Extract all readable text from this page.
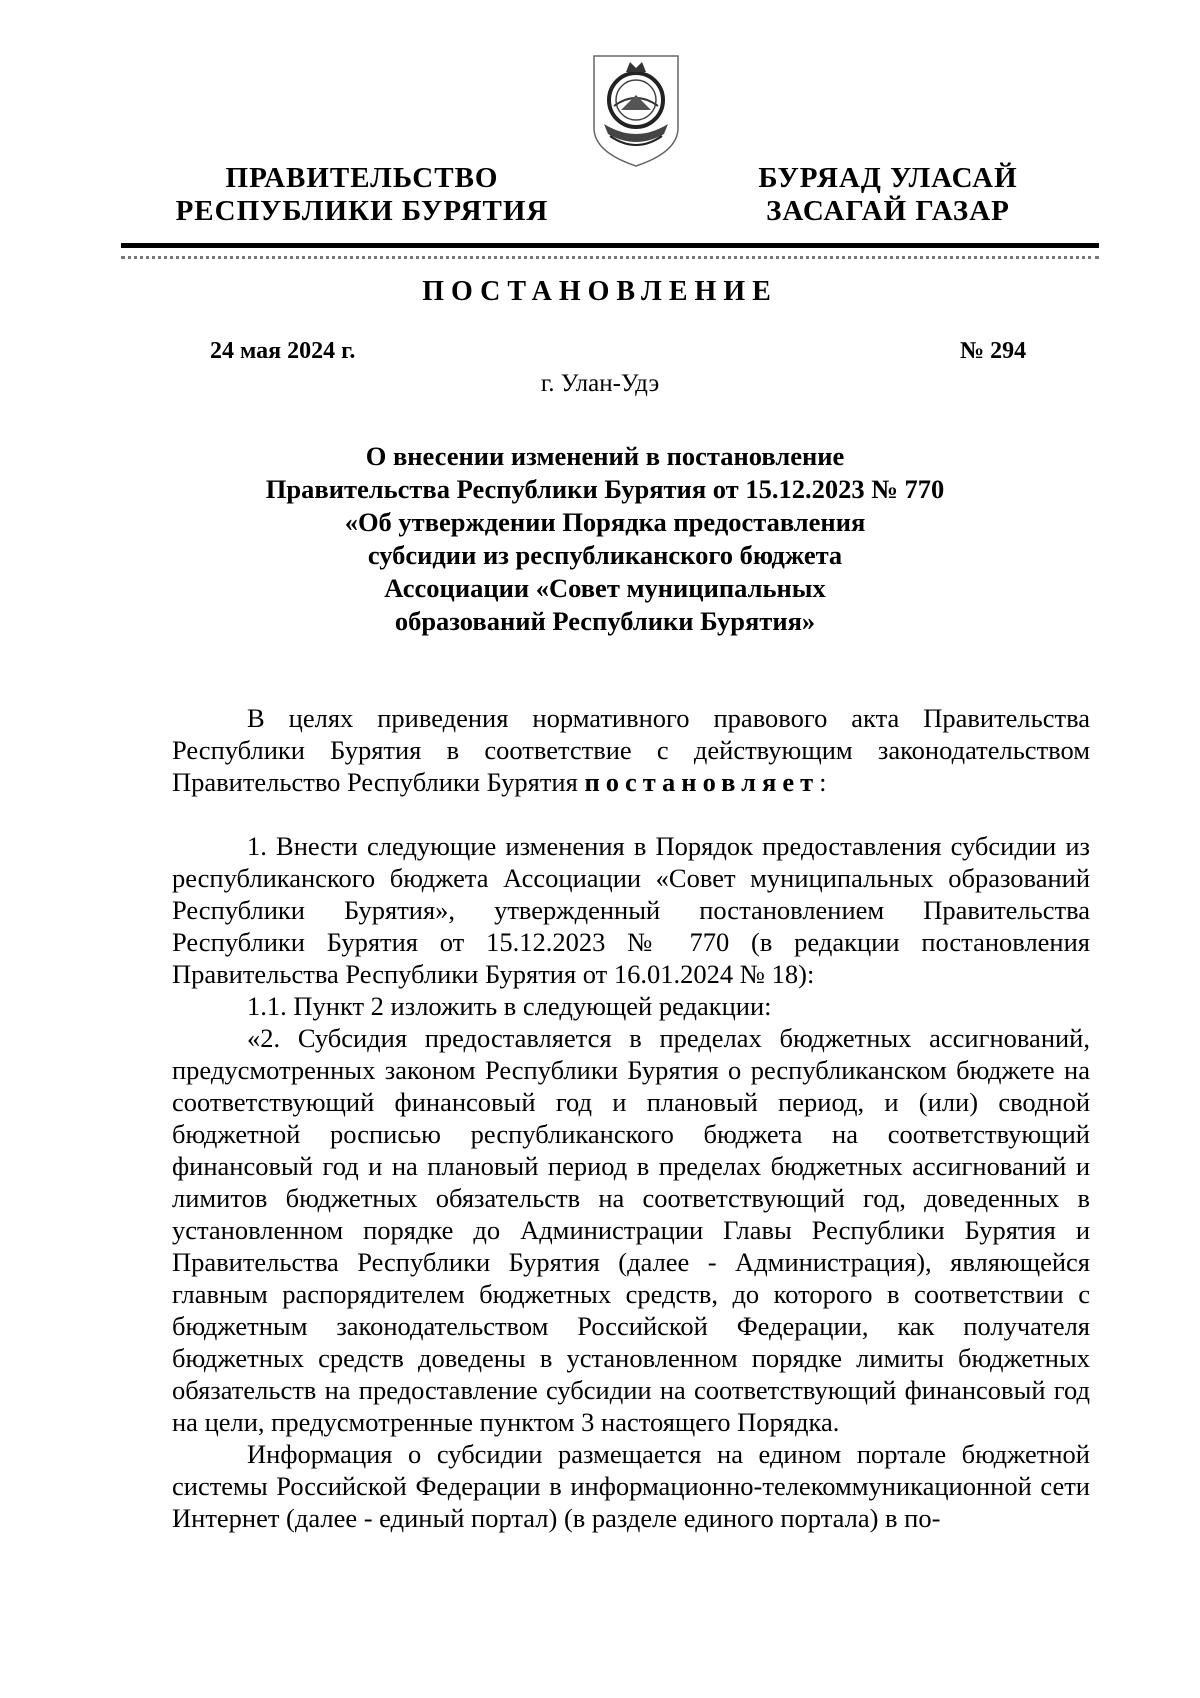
ПРАВИТЕЛЬСТВО
РЕСПУБЛИКИ БУРЯТИЯ
БУРЯАД УЛАСАЙ
ЗАСАГАЙ ГАЗАР
ПОСТАНОВЛЕНИЕ
24 мая 2024 г.	№ 294
г. Улан-Удэ
О внесении изменений в постановление
Правительства Республики Бурятия от 15.12.2023 № 770
«Об утверждении Порядка предоставления
субсидии из республиканского бюджета
Ассоциации «Совет муниципальных
образований Республики Бурятия»

В целях приведения нормативного правового акта Правительства Республики Бурятия в соответствие с действующим законодательством Правительство Республики Бурятия постановляет:

1. Внести следующие изменения в Порядок предоставления субсидии из республиканского бюджета Ассоциации «Совет муниципальных образований Республики Бурятия», утвержденный постановлением Правительства Республики Бурятия от 15.12.2023 № 770 (в редакции постановления Правительства Республики Бурятия от 16.01.2024 № 18):

1.1. Пункт 2 изложить в следующей редакции:

«2. Субсидия предоставляется в пределах бюджетных ассигнований, предусмотренных законом Республики Бурятия о республиканском бюджете на соответствующий финансовый год и плановый период, и (или) сводной бюджетной росписью республиканского бюджета на соответствующий финансовый год и на плановый период в пределах бюджетных ассигнований и лимитов бюджетных обязательств на соответствующий год, доведенных в установленном порядке до Администрации Главы Республики Бурятия и Правительства Республики Бурятия (далее - Администрация), являющейся главным распорядителем бюджетных средств, до которого в соответствии с бюджетным законодательством Российской Федерации, как получателя бюджетных средств доведены в установленном порядке лимиты бюджетных обязательств на предоставление субсидии на соответствующий финансовый год на цели, предусмотренные пунктом 3 настоящего Порядка.

Информация о субсидии размещается на едином портале бюджетной системы Российской Федерации в информационно-телекоммуникационной сети Интернет (далее - единый портал) (в разделе единого портала) в по-
